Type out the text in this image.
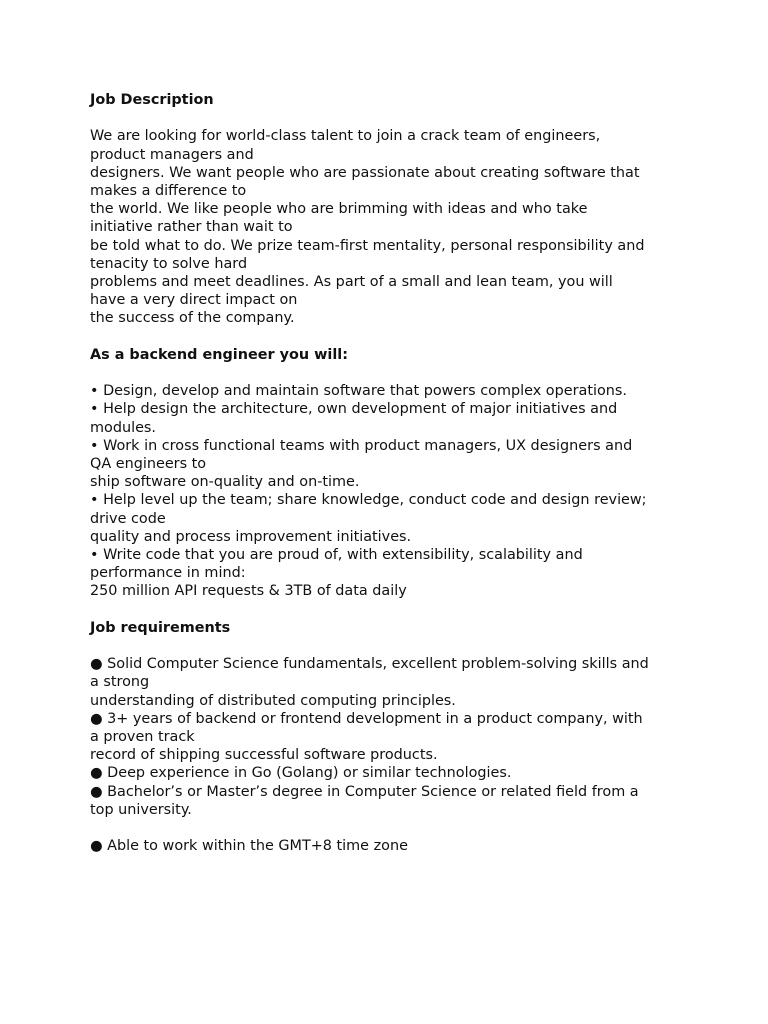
Job Description
We are looking for world-class talent to join a crack team of engineers,
product managers and
designers. We want people who are passionate about creating software that
makes a difference to
the world. We like people who are brimming with ideas and who take
initiative rather than wait to
be told what to do. We prize team-first mentality, personal responsibility and
tenacity to solve hard
problems and meet deadlines. As part of a small and lean team, you will
have a very direct impact on
the success of the company.
As a backend engineer you will:
• Design, develop and maintain software that powers complex operations.
• Help design the architecture, own development of major initiatives and
modules.
• Work in cross functional teams with product managers, UX designers and
QA engineers to
ship software on-quality and on-time.
• Help level up the team; share knowledge, conduct code and design review;
drive code
quality and process improvement initiatives.
• Write code that you are proud of, with extensibility, scalability and
performance in mind:
250 million API requests & 3TB of data daily
Job requirements
● Solid Computer Science fundamentals, excellent problem-solving skills and
a strong
understanding of distributed computing principles.
● 3+ years of backend or frontend development in a product company, with
a proven track
record of shipping successful software products.
● Deep experience in Go (Golang) or similar technologies.
● Bachelor’s or Master’s degree in Computer Science or related field from a
top university.
● Able to work within the GMT+8 time zone
